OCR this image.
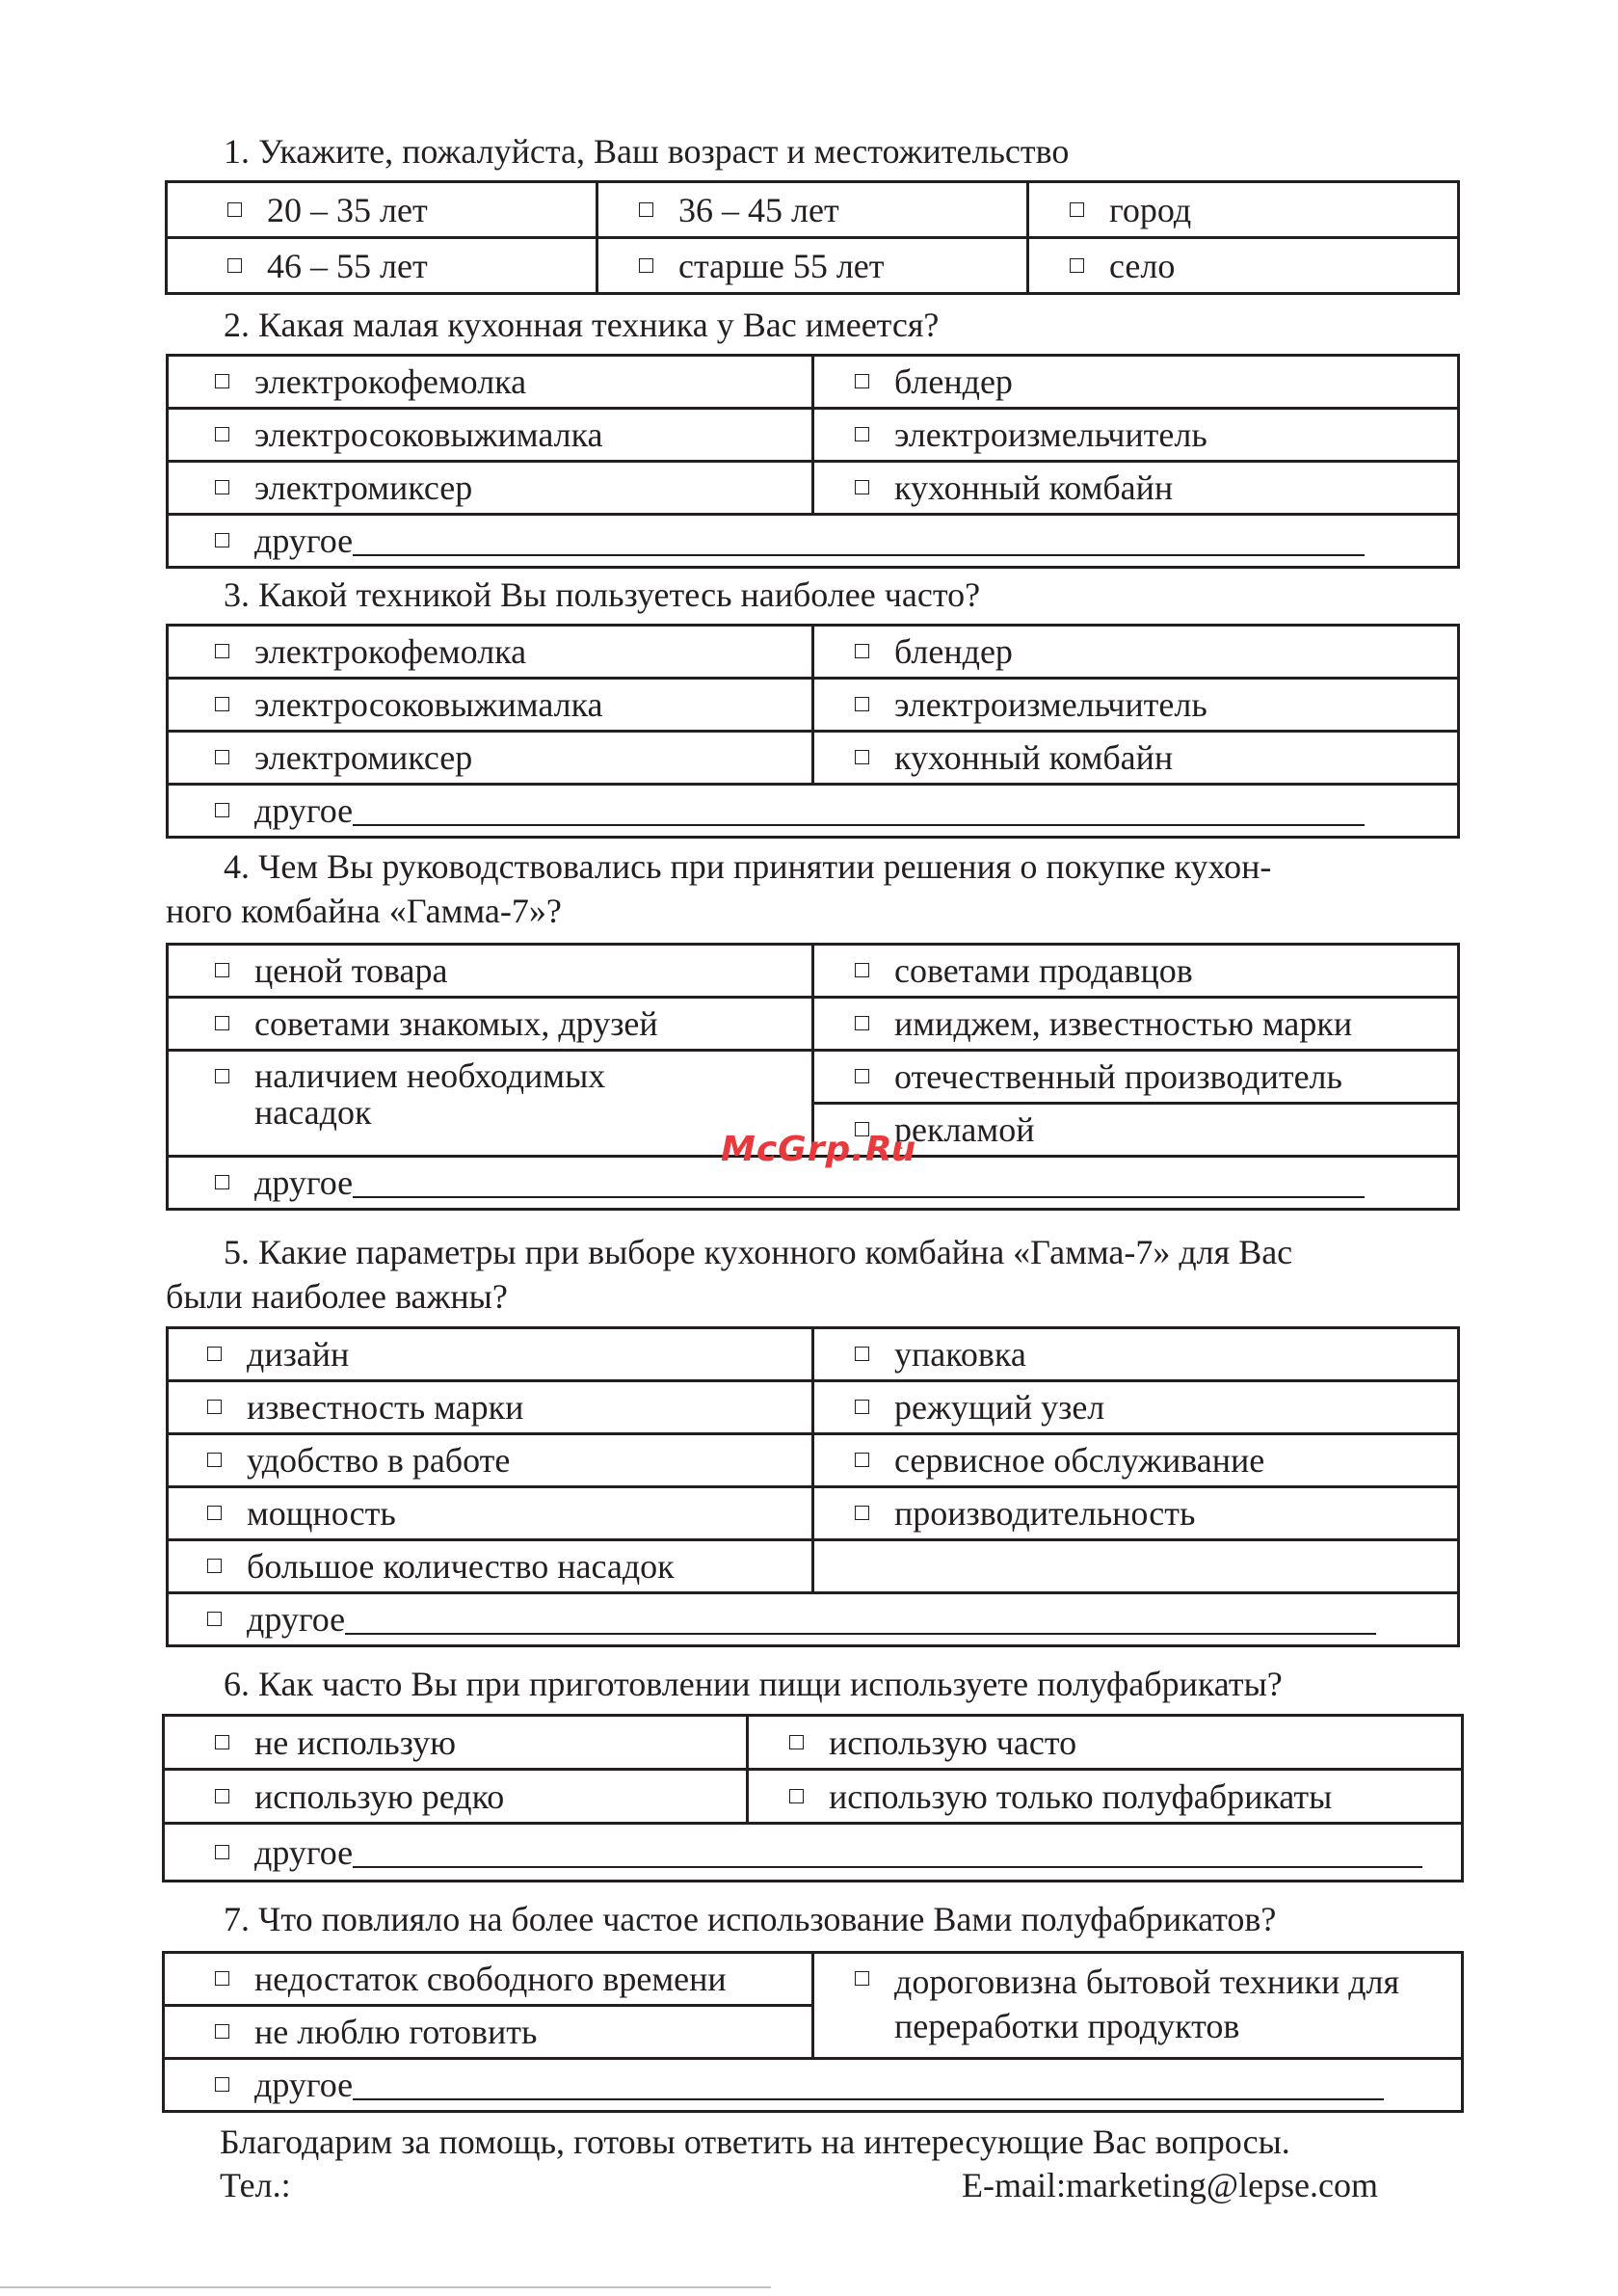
1. Укажите, пожалуйста, Ваш возраст и местожительство

20 – 35 лет	36 – 45 лет	город

46 – 55 лет	старше 55 лет	село

2. Какая малая кухонная техника у Вас имеется?

электрокофемолка	блендер

электросоковыжималка	электроизмельчитель

электромиксер	кухонный комбайн

другое	

3. Какой техникой Вы пользуетесь наиболее часто?

электрокофемолка	блендер

электросоковыжималка	электроизмельчитель

электромиксер	кухонный комбайн

другое	

4. Чем Вы руководствовались при принятии решения о покупке кухон-

ного комбайна «Гамма-7»?

ценой товара	советами продавцов

советами знакомых, друзей	имиджем, известностью марки

наличием необходимых насадок	отечественный производитель

	рекламой

другое	
McGrp.Ru

5. Какие параметры при выборе кухонного комбайна «Гамма-7» для Вас

были наиболее важны?

дизайн	упаковка

известность марки	режущий узел

удобство в работе	сервисное обслуживание

мощность	производительность

большое количество насадок	

другое	

6. Как часто Вы при приготовлении пищи используете полуфабрикаты?

не использую	использую часто

использую редко	использую только полуфабрикаты

другое	

7. Что повлияло на более частое использование Вами полуфабрикатов?

недостаток свободного времени	дороговизна бытовой техники для переработки продуктов

не люблю готовить

другое
Благодарим за помощь, готовы ответить на интересующие Вас вопросы.
Тел.:	E-mail:marketing@lepse.com
